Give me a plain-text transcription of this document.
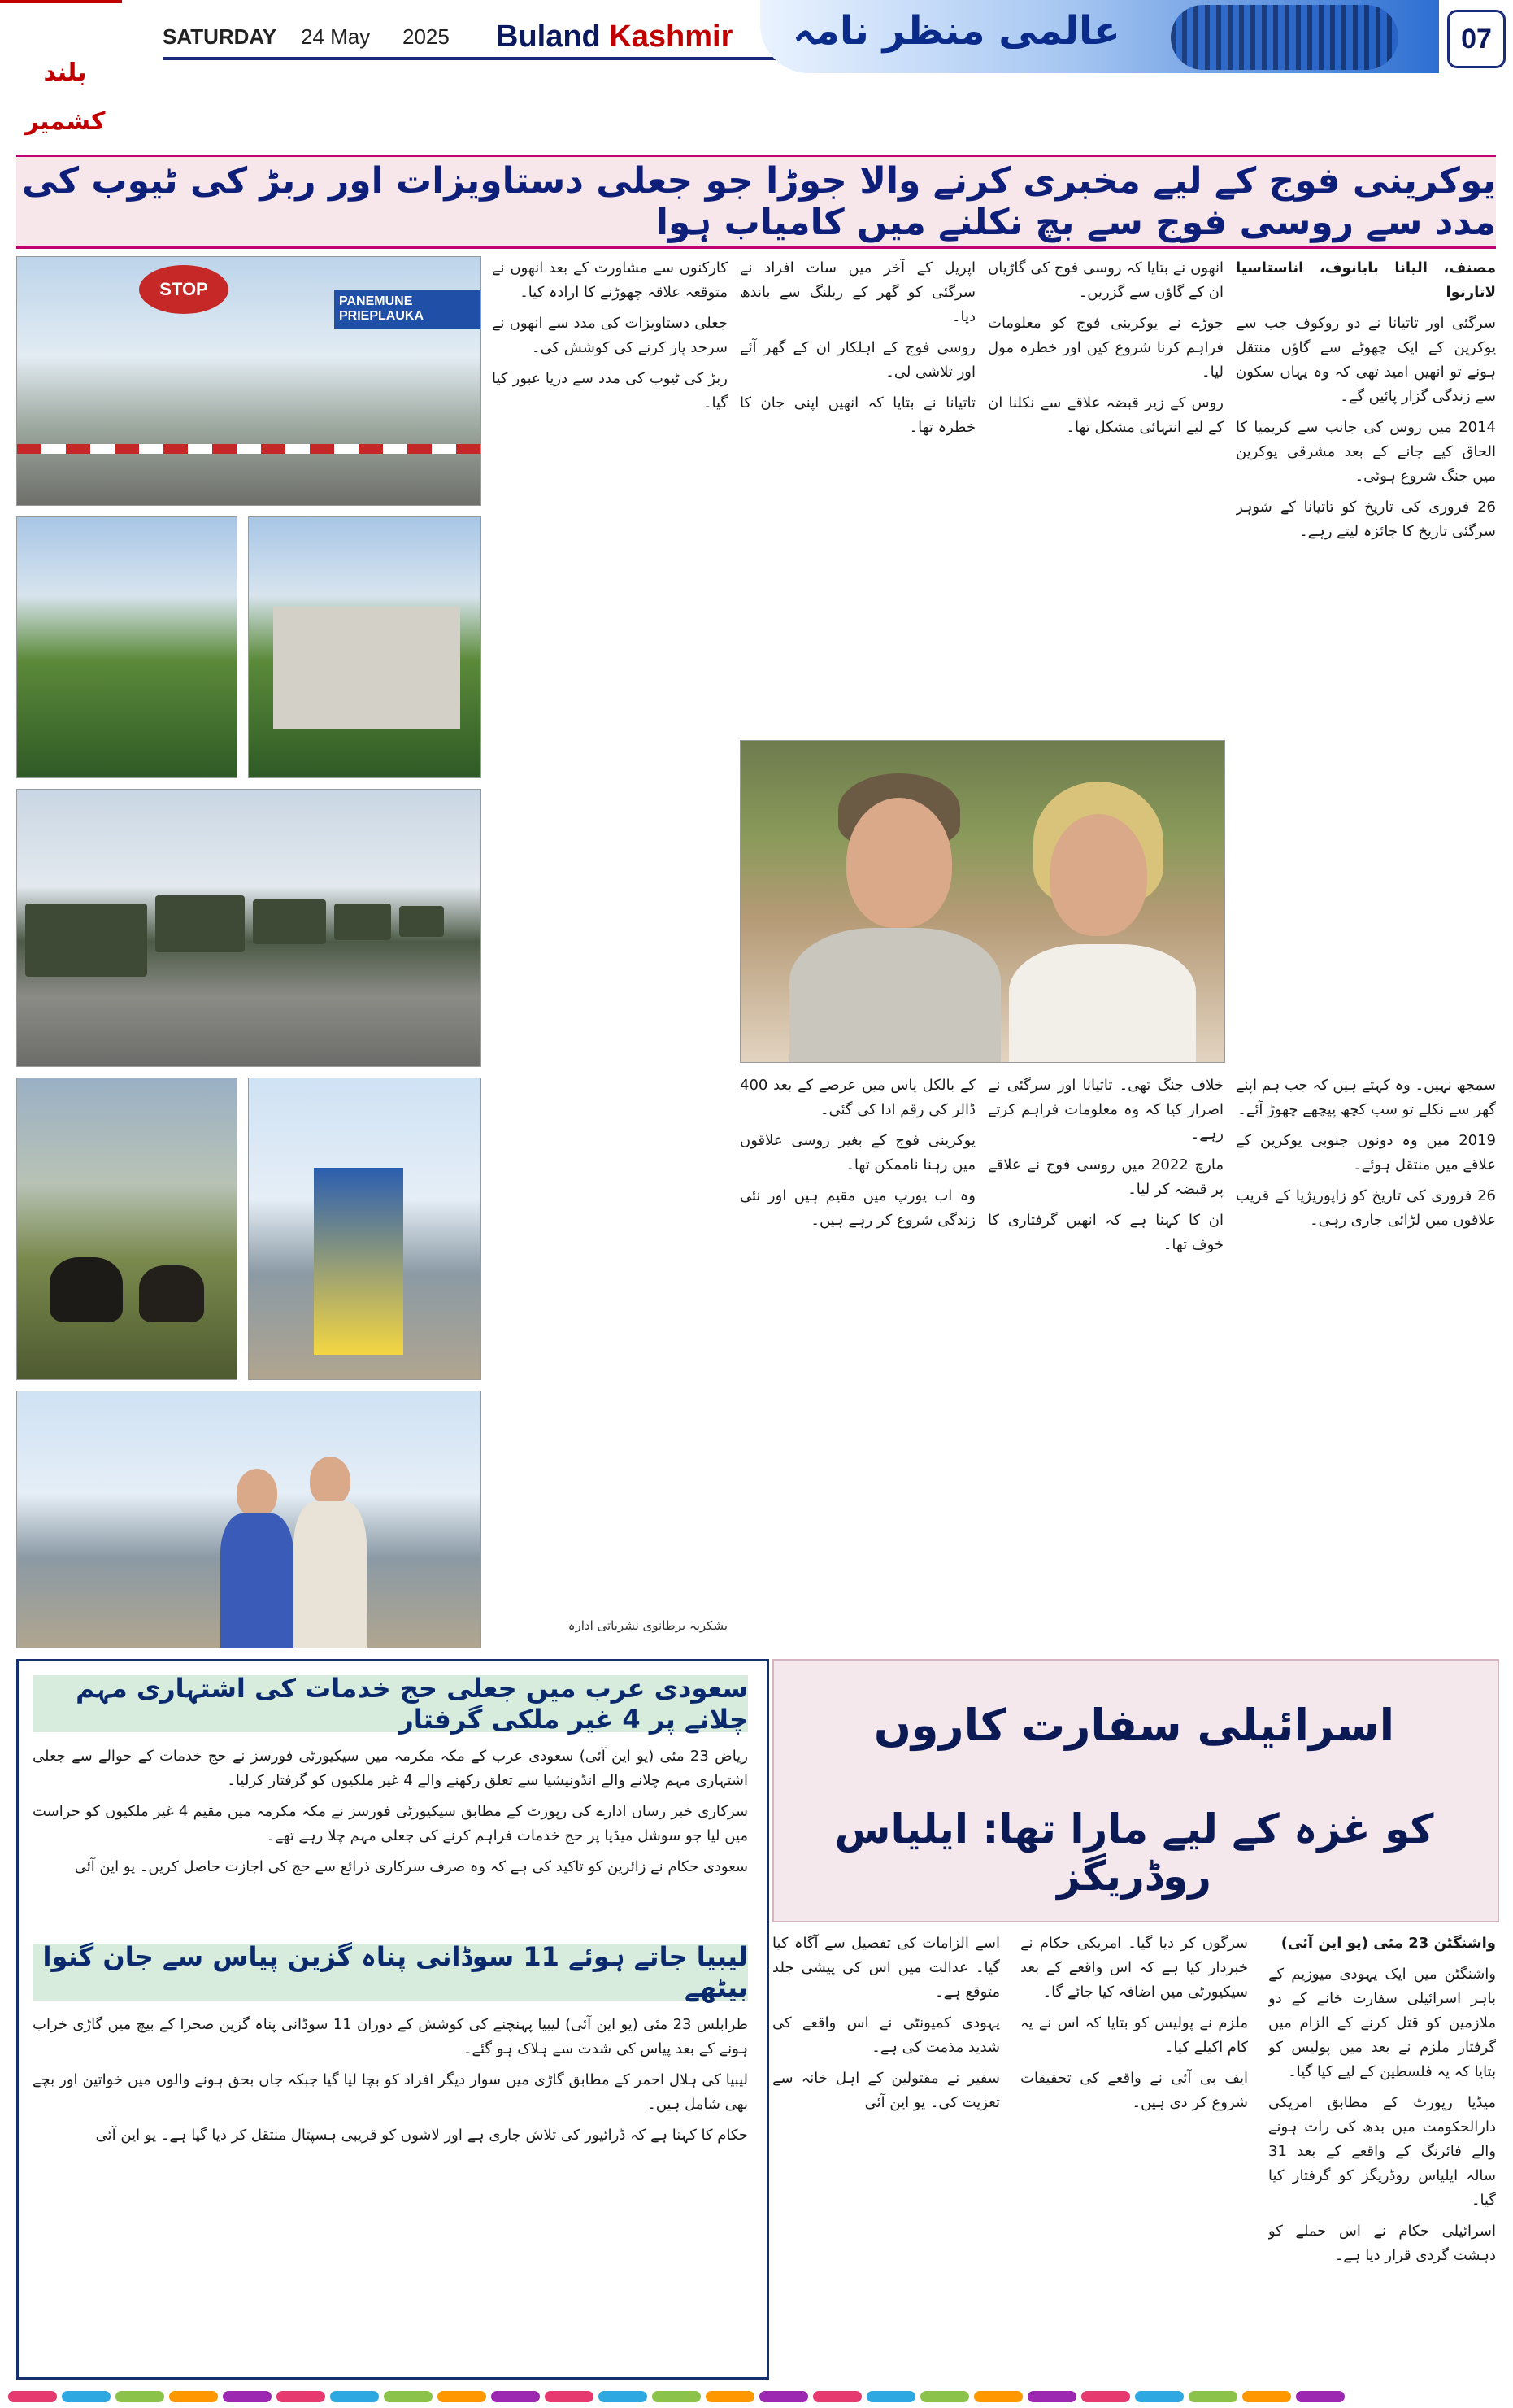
بلند کشمیر
SATURDAY 24 May 2025 Buland Kashmir عالمی منظر نامہ	07
یوکرینی فوج کے لیے مخبری کرنے والا جوڑا جو جعلی دستاویزات اور ربڑ کی ٹیوب کی مدد سے روسی فوج سے بچ نکلنے میں کامیاب ہوا
STOP
PANEMUNE PRIEPLAUKA

کارکنوں سے مشاورت کے بعد انھوں نے متوقعہ علاقہ چھوڑنے کا ارادہ کیا۔

جعلی دستاویزات کی مدد سے انھوں نے سرحد پار کرنے کی کوشش کی۔

ربڑ کی ٹیوب کی مدد سے دریا عبور کیا گیا۔

بشکریہ برطانوی نشریاتی ادارہ

اپریل کے آخر میں سات افراد نے سرگئی کو گھر کے ریلنگ سے باندھ دیا۔

روسی فوج کے اہلکار ان کے گھر آئے اور تلاشی لی۔

تاتیانا نے بتایا کہ انھیں اپنی جان کا خطرہ تھا۔

انھوں نے بتایا کہ روسی فوج کی گاڑیاں ان کے گاؤں سے گزریں۔

جوڑے نے یوکرینی فوج کو معلومات فراہم کرنا شروع کیں اور خطرہ مول لیا۔

روس کے زیر قبضہ علاقے سے نکلنا ان کے لیے انتہائی مشکل تھا۔

مصنف، الیانا بابانوف، اناستاسیا لاتارنوا

سرگئی اور تاتیانا نے دو روکوف جب سے یوکرین کے ایک چھوٹے سے گاؤں منتقل ہونے تو انھیں امید تھی کہ وہ یہاں سکون سے زندگی گزار پائیں گے۔

2014 میں روس کی جانب سے کریمیا کا الحاق کیے جانے کے بعد مشرقی یوکرین میں جنگ شروع ہوئی۔

26 فروری کی تاریخ کو تاتیانا کے شوہر سرگئی تاریخ کا جائزہ لیتے رہے۔

کے بالکل پاس میں عرصے کے بعد 400 ڈالر کی رقم ادا کی گئی۔

یوکرینی فوج کے بغیر روسی علاقوں میں رہنا ناممکن تھا۔

وہ اب یورپ میں مقیم ہیں اور نئی زندگی شروع کر رہے ہیں۔

خلاف جنگ تھی۔ تاتیانا اور سرگئی نے اصرار کیا کہ وہ معلومات فراہم کرتے رہے۔

مارچ 2022 میں روسی فوج نے علاقے پر قبضہ کر لیا۔

ان کا کہنا ہے کہ انھیں گرفتاری کا خوف تھا۔

سمجھ نہیں۔ وہ کہتے ہیں کہ جب ہم اپنے گھر سے نکلے تو سب کچھ پیچھے چھوڑ آئے۔

2019 میں وہ دونوں جنوبی یوکرین کے علاقے میں منتقل ہوئے۔

26 فروری کی تاریخ کو زاپوریژیا کے قریب علاقوں میں لڑائی جاری رہی۔

سعودی عرب میں جعلی حج خدمات کی اشتہاری مہم چلانے پر 4 غیر ملکی گرفتار

ریاض 23 مئی (یو این آئی) سعودی عرب کے مکہ مکرمہ میں سیکیورٹی فورسز نے حج خدمات کے حوالے سے جعلی اشتہاری مہم چلانے والے انڈونیشیا سے تعلق رکھنے والے 4 غیر ملکیوں کو گرفتار کرلیا۔

سرکاری خبر رساں ادارے کی رپورٹ کے مطابق سیکیورٹی فورسز نے مکہ مکرمہ میں مقیم 4 غیر ملکیوں کو حراست میں لیا جو سوشل میڈیا پر حج خدمات فراہم کرنے کی جعلی مہم چلا رہے تھے۔

سعودی حکام نے زائرین کو تاکید کی ہے کہ وہ صرف سرکاری ذرائع سے حج کی اجازت حاصل کریں۔ یو این آئی

لیبیا جاتے ہوئے 11 سوڈانی پناہ گزین پیاس سے جان گنوا بیٹھے

طرابلس 23 مئی (یو این آئی) لیبیا پہنچنے کی کوشش کے دوران 11 سوڈانی پناہ گزین صحرا کے بیچ میں گاڑی خراب ہونے کے بعد پیاس کی شدت سے ہلاک ہو گئے۔

لیبیا کی ہلال احمر کے مطابق گاڑی میں سوار دیگر افراد کو بچا لیا گیا جبکہ جاں بحق ہونے والوں میں خواتین اور بچے بھی شامل ہیں۔

حکام کا کہنا ہے کہ ڈرائیور کی تلاش جاری ہے اور لاشوں کو قریبی ہسپتال منتقل کر دیا گیا ہے۔ یو این آئی

اسرائیلی سفارت کاروں
کو غزہ کے لیے مارا تھا: ایلیاس روڈریگز

اسے الزامات کی تفصیل سے آگاہ کیا گیا۔ عدالت میں اس کی پیشی جلد متوقع ہے۔

یہودی کمیونٹی نے اس واقعے کی شدید مذمت کی ہے۔

سفیر نے مقتولین کے اہل خانہ سے تعزیت کی۔ یو این آئی

سرگوں کر دیا گیا۔ امریکی حکام نے خبردار کیا ہے کہ اس واقعے کے بعد سیکیورٹی میں اضافہ کیا جائے گا۔

ملزم نے پولیس کو بتایا کہ اس نے یہ کام اکیلے کیا۔

ایف بی آئی نے واقعے کی تحقیقات شروع کر دی ہیں۔

واشنگٹن 23 مئی (یو این آئی)

واشنگٹن میں ایک یہودی میوزیم کے باہر اسرائیلی سفارت خانے کے دو ملازمین کو قتل کرنے کے الزام میں گرفتار ملزم نے بعد میں پولیس کو بتایا کہ یہ فلسطین کے لیے کیا گیا۔

میڈیا رپورٹ کے مطابق امریکی دارالحکومت میں بدھ کی رات ہونے والے فائرنگ کے واقعے کے بعد 31 سالہ ایلیاس روڈریگز کو گرفتار کیا گیا۔

اسرائیلی حکام نے اس حملے کو دہشت گردی قرار دیا ہے۔
